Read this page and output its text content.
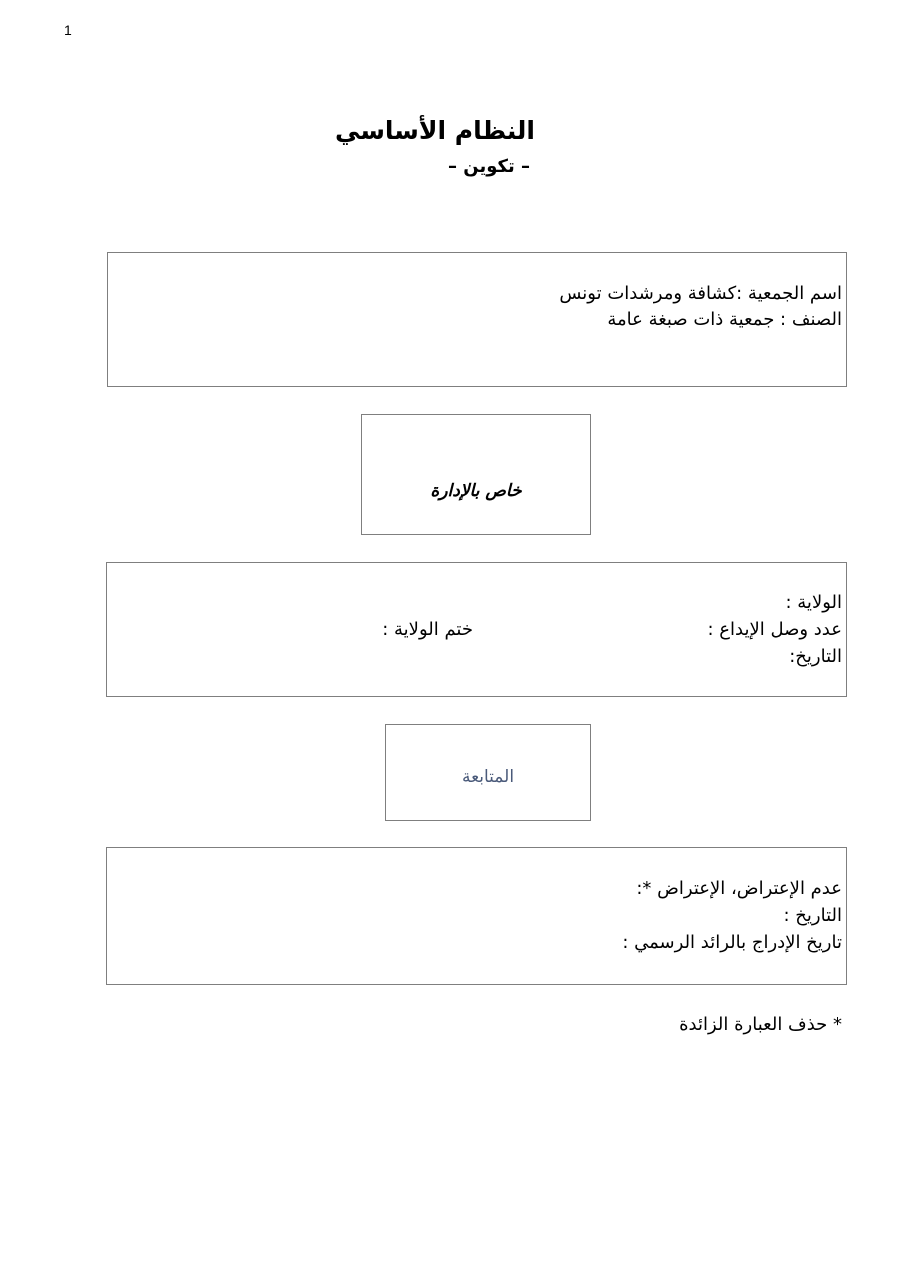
1
النظام الأساسي
– تكوين –
اسم الجمعية :كشافة ومرشدات تونس
الصنف : جمعية ذات صبغة عامة
خاص بالإدارة
الولاية :
عدد وصل الإيداع :
ختم الولاية :
التاريخ:
المتابعة
عدم الإعتراض، الإعتراض *:
التاريخ :
تاريخ الإدراج بالرائد الرسمي :
* حذف العبارة الزائدة
